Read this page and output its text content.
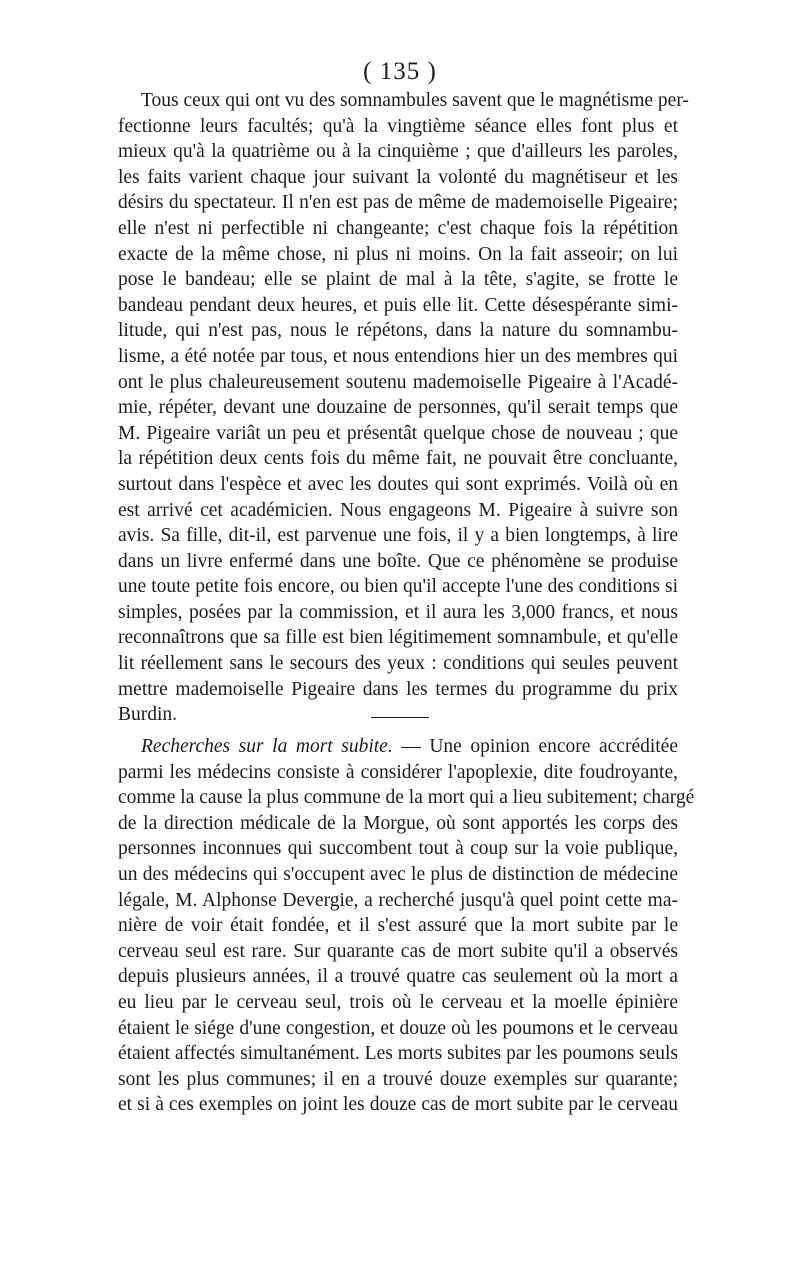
( 135 )
Tous ceux qui ont vu des somnambules savent que le magnétisme per-
fectionne leurs facultés; qu'à la vingtième séance elles font plus et
mieux qu'à la quatrième ou à la cinquième ; que d'ailleurs les paroles,
les faits varient chaque jour suivant la volonté du magnétiseur et les
désirs du spectateur. Il n'en est pas de même de mademoiselle Pigeaire;
elle n'est ni perfectible ni changeante; c'est chaque fois la répétition
exacte de la même chose, ni plus ni moins. On la fait asseoir; on lui
pose le bandeau; elle se plaint de mal à la tête, s'agite, se frotte le
bandeau pendant deux heures, et puis elle lit. Cette désespérante simi-
litude, qui n'est pas, nous le répétons, dans la nature du somnambu-
lisme, a été notée par tous, et nous entendions hier un des membres qui
ont le plus chaleureusement soutenu mademoiselle Pigeaire à l'Acadé-
mie, répéter, devant une douzaine de personnes, qu'il serait temps que
M. Pigeaire variât un peu et présentât quelque chose de nouveau ; que
la répétition deux cents fois du même fait, ne pouvait être concluante,
surtout dans l'espèce et avec les doutes qui sont exprimés. Voilà où en
est arrivé cet académicien. Nous engageons M. Pigeaire à suivre son
avis. Sa fille, dit-il, est parvenue une fois, il y a bien longtemps, à lire
dans un livre enfermé dans une boîte. Que ce phénomène se produise
une toute petite fois encore, ou bien qu'il accepte l'une des conditions si
simples, posées par la commission, et il aura les 3,000 francs, et nous
reconnaîtrons que sa fille est bien légitimement somnambule, et qu'elle
lit réellement sans le secours des yeux : conditions qui seules peuvent
mettre mademoiselle Pigeaire dans les termes du programme du prix
Burdin.
Recherches sur la mort subite. — Une opinion encore accréditée
parmi les médecins consiste à considérer l'apoplexie, dite foudroyante,
comme la cause la plus commune de la mort qui a lieu subitement; chargé
de la direction médicale de la Morgue, où sont apportés les corps des
personnes inconnues qui succombent tout à coup sur la voie publique,
un des médecins qui s'occupent avec le plus de distinction de médecine
légale, M. Alphonse Devergie, a recherché jusqu'à quel point cette ma-
nière de voir était fondée, et il s'est assuré que la mort subite par le
cerveau seul est rare. Sur quarante cas de mort subite qu'il a observés
depuis plusieurs années, il a trouvé quatre cas seulement où la mort a
eu lieu par le cerveau seul, trois où le cerveau et la moelle épinière
étaient le siége d'une congestion, et douze où les poumons et le cerveau
étaient affectés simultanément. Les morts subites par les poumons seuls
sont les plus communes; il en a trouvé douze exemples sur quarante;
et si à ces exemples on joint les douze cas de mort subite par le cerveau
